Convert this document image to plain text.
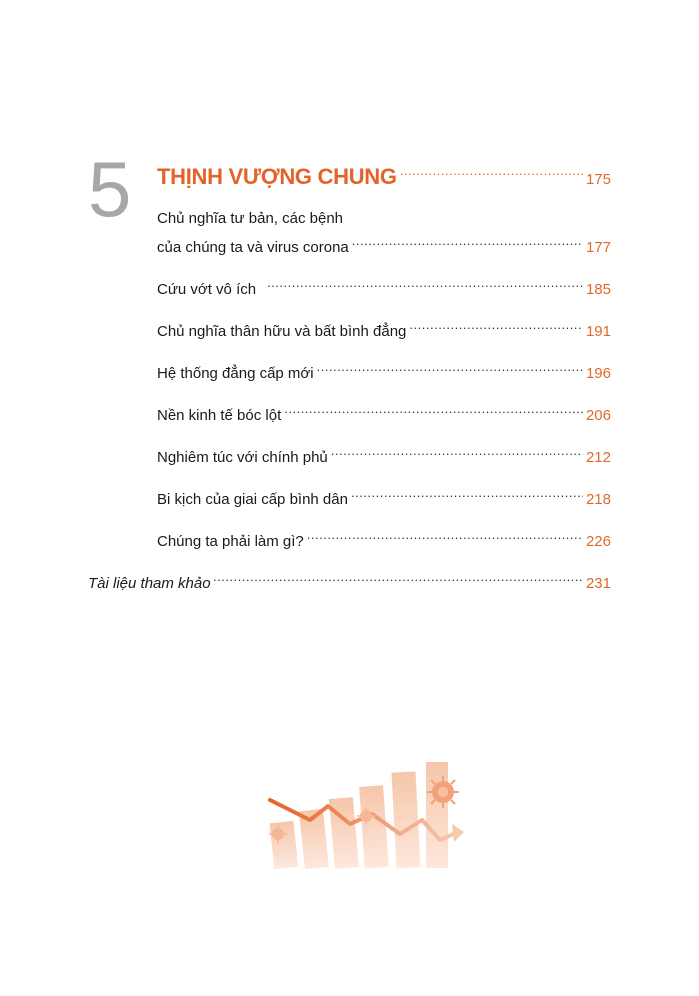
5 THỊNH VƯỢNG CHUNG .....	175
Chủ nghĩa tư bản, các bệnh
của chúng ta và virus corona .....	177
Cứu vớt vô ích .....	185
Chủ nghĩa thân hữu và bất bình đẳng .....	191
Hệ thống đẳng cấp mới .....	196
Nền kinh tế bóc lột .....	206
Nghiêm túc với chính phủ .....	212
Bi kịch của giai cấp bình dân .....	218
Chúng ta phải làm gì? .....	226
Tài liệu tham khảo .....	231
